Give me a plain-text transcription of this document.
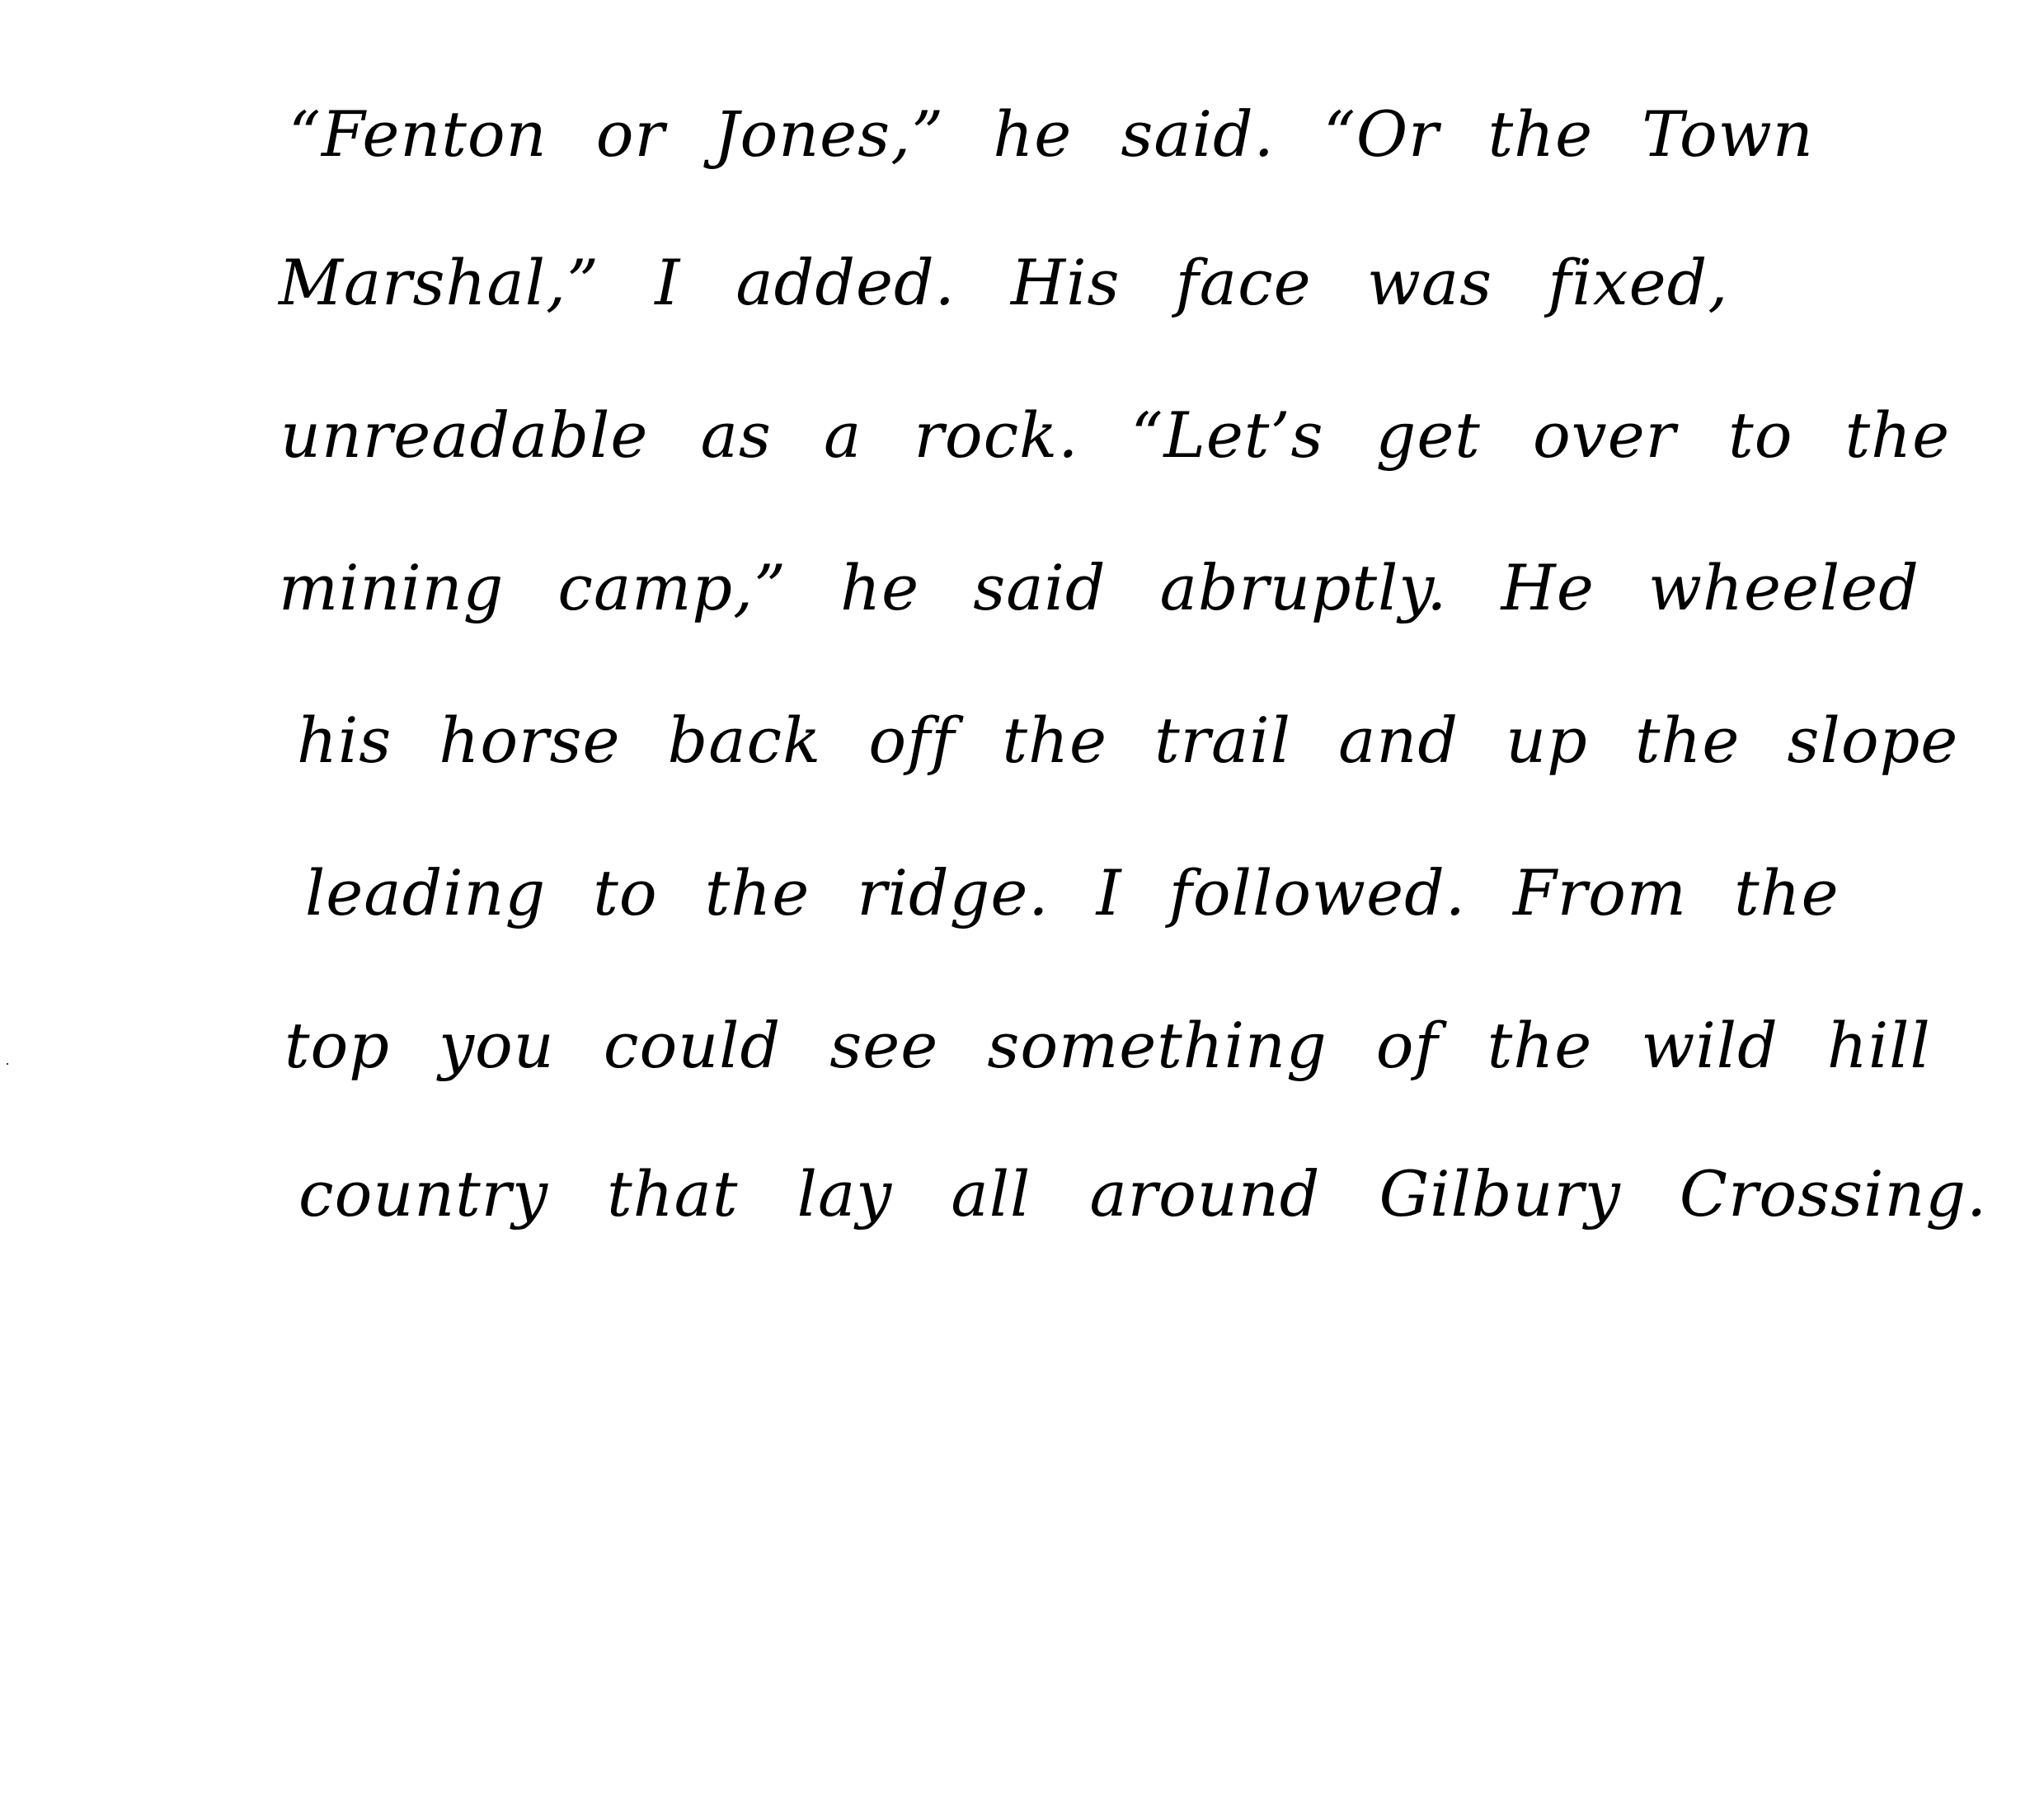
“Fenton or Jones,” he said. “Or the Town

Marshal,” I added. His face was fixed,

unreadable as a rock. “Let’s get over to the

mining camp,” he said abruptly. He wheeled

his horse back off the trail and up the slope

leading to the ridge. I followed. From the

top you could see something of the wild hill

country that lay all around Gilbury Crossing.
